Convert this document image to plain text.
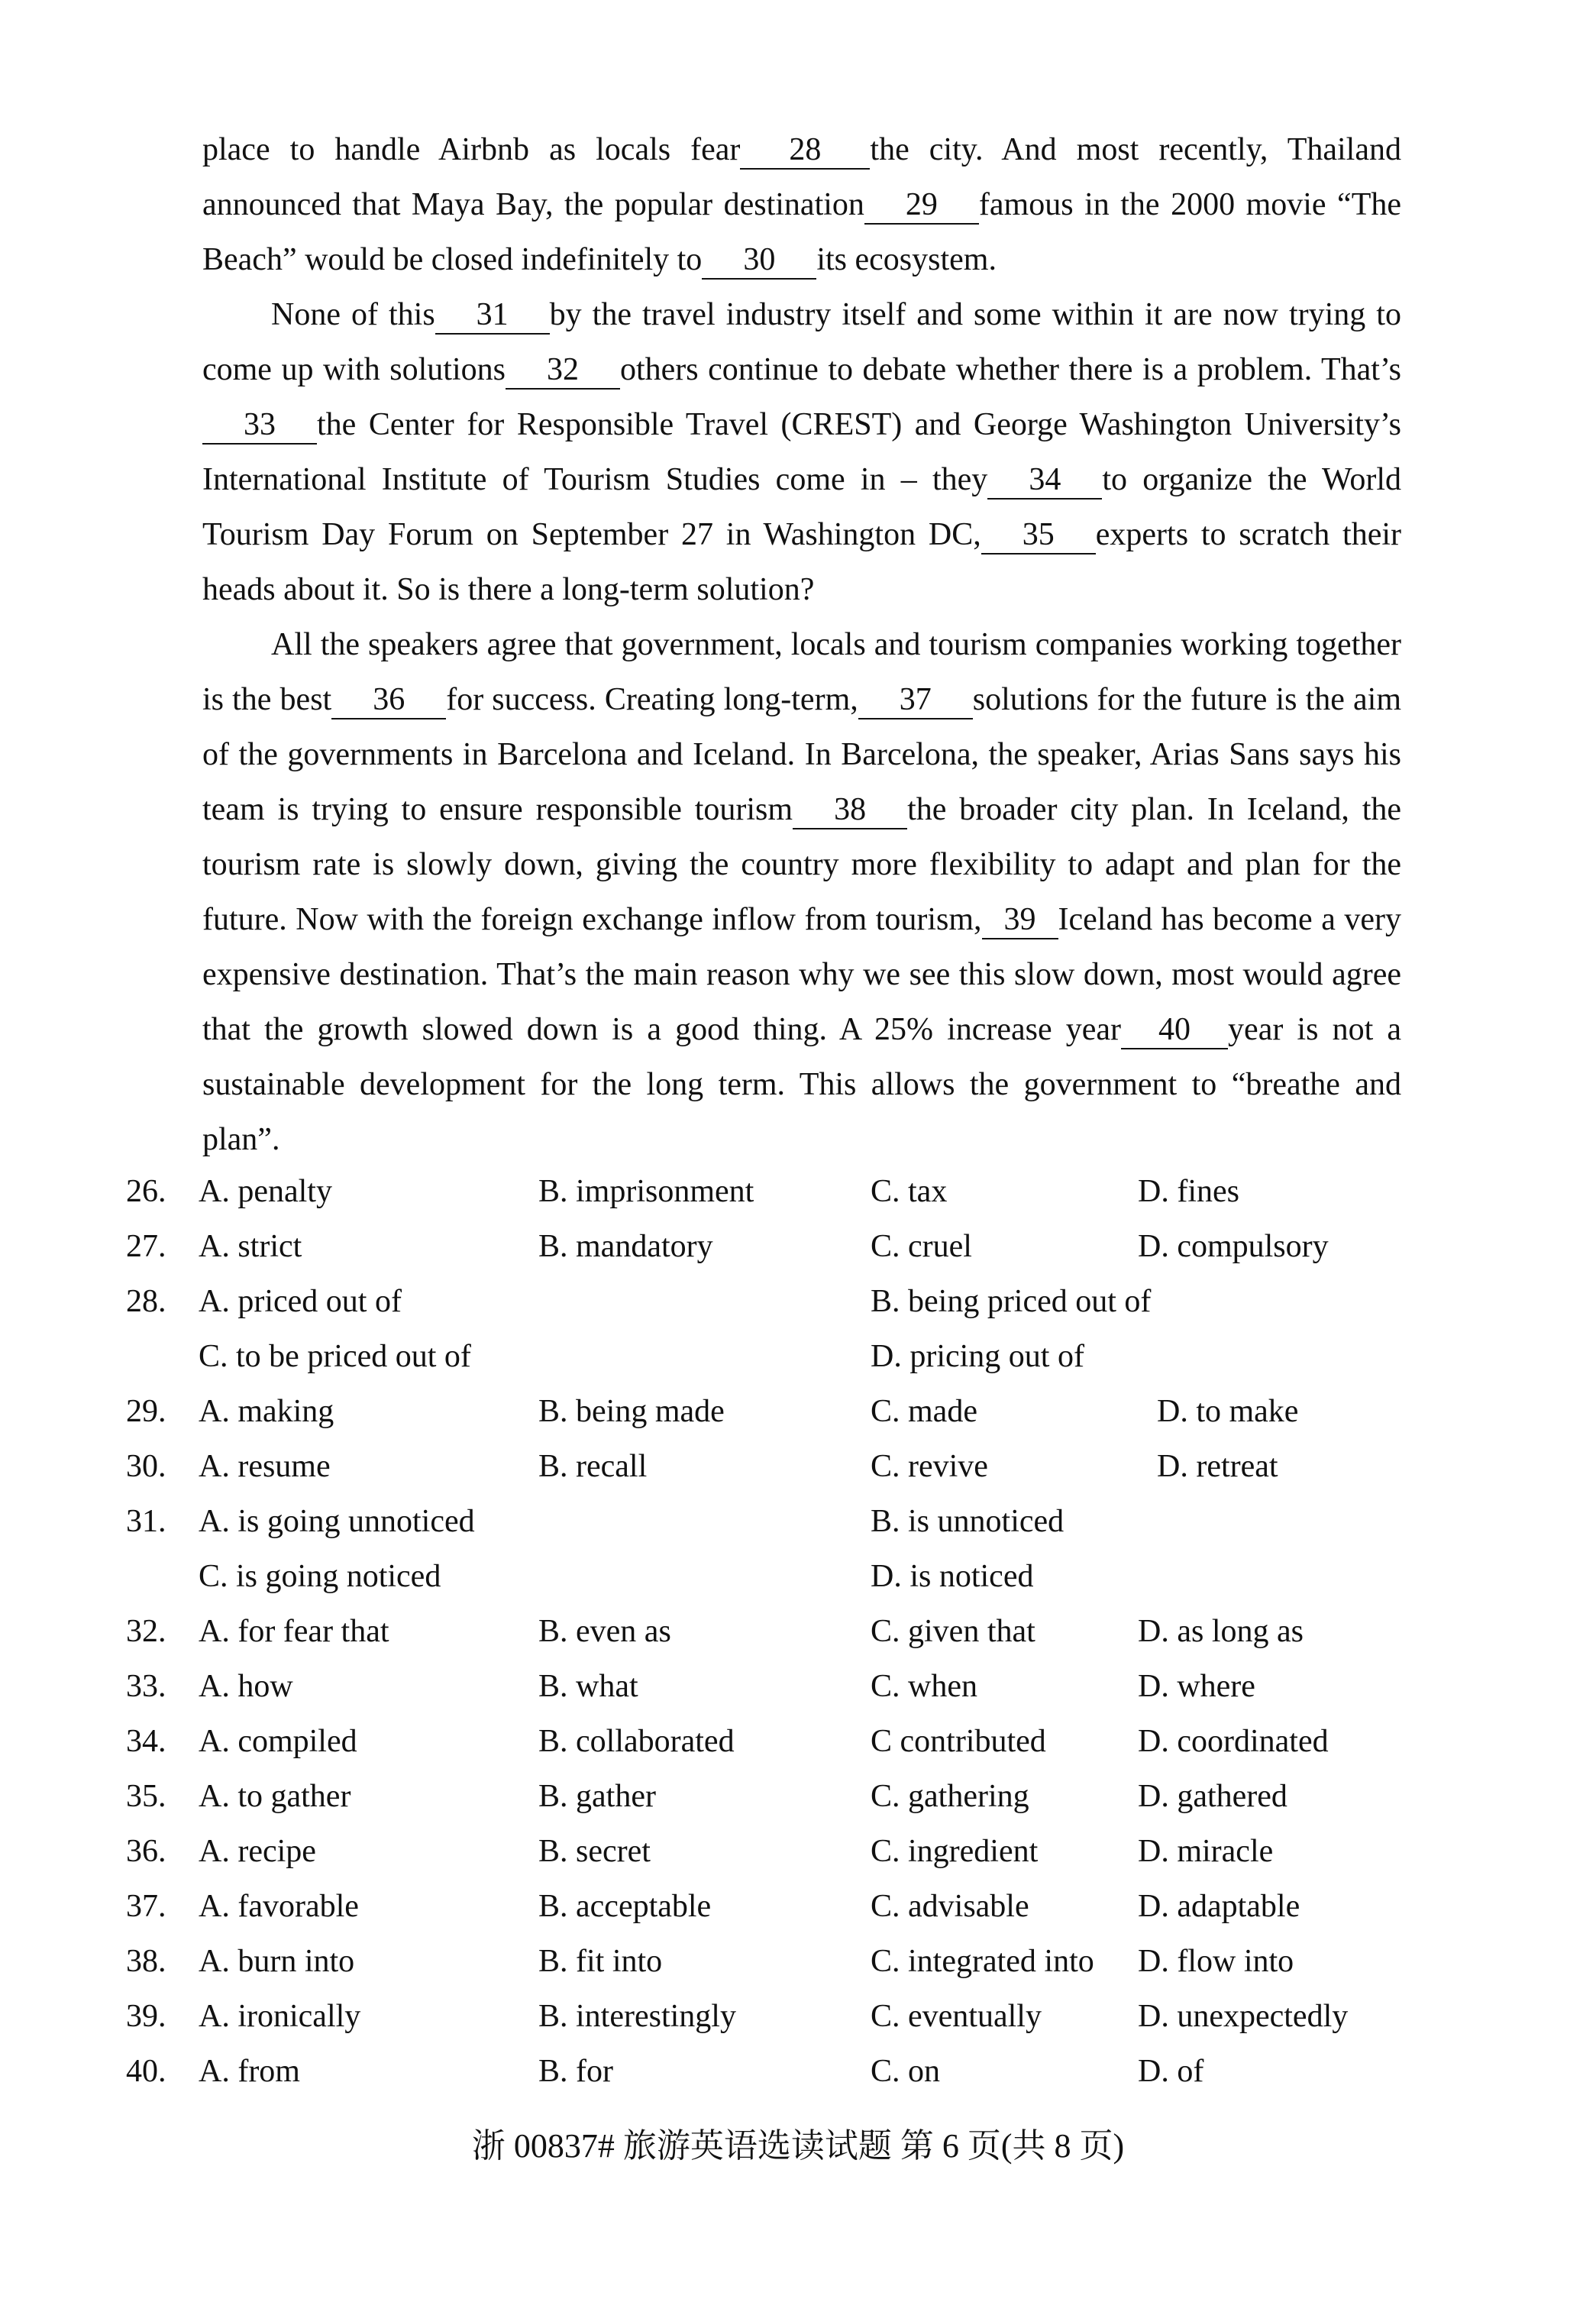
place to handle Airbnb as locals fear 28 the city. And most recently, Thailand announced that Maya Bay, the popular destination 29 famous in the 2000 movie “The Beach” would be closed indefinitely to 30 its ecosystem.

None of this 31 by the travel industry itself and some within it are now trying to come up with solutions 32 others continue to debate whether there is a problem. That’s33 the Center for Responsible Travel (CREST) and George Washington University’s International Institute of Tourism Studies come in – they 34 to organize the World Tourism Day Forum on September 27 in Washington DC, 35 experts to scratch their heads about it. So is there a long-term solution?

All the speakers agree that government, locals and tourism companies working together is the best 36 for success. Creating long-term, 37 solutions for the future is the aim of the governments in Barcelona and Iceland. In Barcelona, the speaker, Arias Sans says his team is trying to ensure responsible tourism 38 the broader city plan. In Iceland, the tourism rate is slowly down, giving the country more flexibility to adapt and plan for the future. Now with the foreign exchange inflow from tourism, 39 Iceland has become a very expensive destination. That’s the main reason why we see this slow down, most would agree that the growth slowed down is a good thing. A 25% increase year 40 year is not a sustainable development for the long term. This allows the government to “breathe and plan”.

26. A. penalty	B. imprisonment	C. tax	D. fines
27. A. strict	B. mandatory	C. cruel	D. compulsory
28. A. priced out of	B. being priced out of
C. to be priced out of	D. pricing out of
29. A. making	B. being made	C. made	D. to make
30. A. resume	B. recall	C. revive	D. retreat
31. A. is going unnoticed	B. is unnoticed
C. is going noticed	D. is noticed
32. A. for fear that	B. even as	C. given that	D. as long as
33. A. how	B. what	C. when	D. where
34. A. compiled	B. collaborated	C contributed	D. coordinated
35. A. to gather	B. gather	C. gathering	D. gathered
36. A. recipe	B. secret	C. ingredient	D. miracle
37. A. favorable	B. acceptable	C. advisable	D. adaptable
38. A. burn into	B. fit into	C. integrated into D. flow into
39. A. ironically	B. interestingly	C. eventually	D. unexpectedly
40. A. from	B. for	C. on	D. of
浙 00837# 旅游英语选读试题 第 6 页(共 8 页)
